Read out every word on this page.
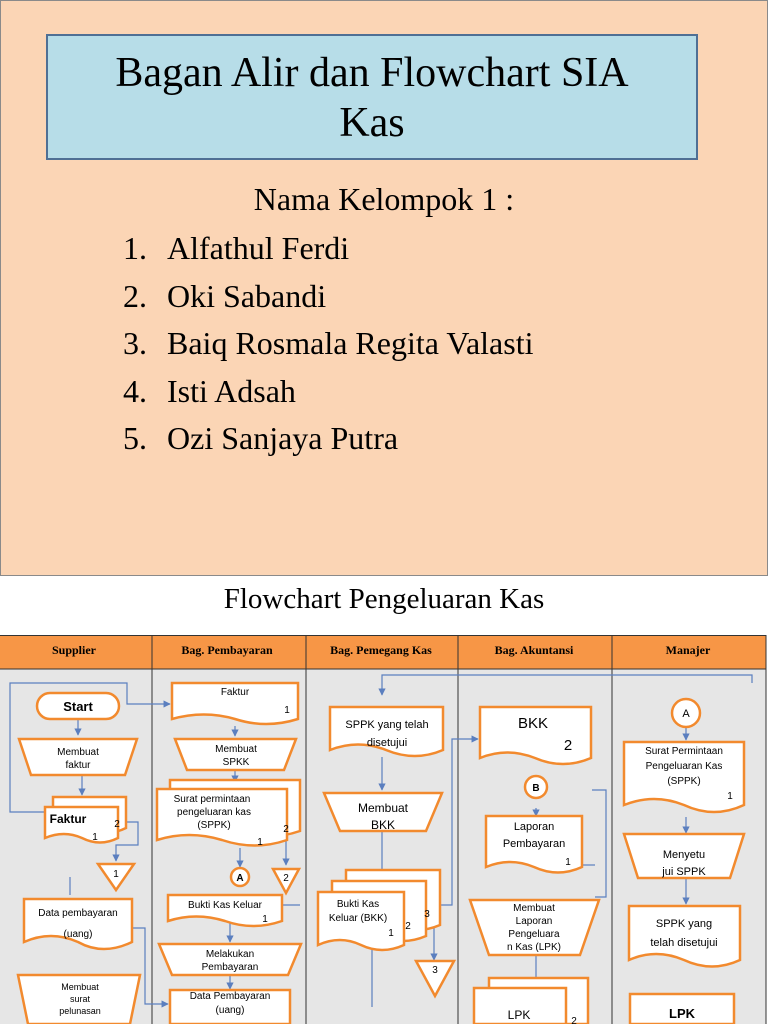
Bagan Alir dan Flowchart SIA
Kas
Nama Kelompok 1 :
1. Alfathul Ferdi
2. Oki Sabandi
3. Baiq Rosmala Regita Valasti
4. Isti Adsah
5. Ozi Sanjaya Putra
Flowchart Pengeluaran Kas
Supplier	Bag. Pembayaran	Bag. Pemegang Kas	Bag. Akuntansi	Manajer
Start
Membuat
faktur
Faktur
1
2
1
Data pembayaran
(uang)
Membuat
surat
pelunasan
Faktur
1
Membuat
SPKK
Surat permintaan
pengeluaran kas
(SPPK)
1
2
A	2
Bukti Kas Keluar
1
Melakukan
Pembayaran
Data Pembayaran
(uang)
SPPK yang telah
disetujui
Membuat
BKK
Bukti Kas
Keluar (BKK)
1
2
3
3
BKK
2
B
Laporan
Pembayaran
1
Membuat
Laporan
Pengeluara
n Kas (LPK)
LPK	2
A
Surat Permintaan
Pengeluaran Kas
(SPPK)
1
Menyetu
jui SPPK
SPPK yang
telah disetujui
LPK
